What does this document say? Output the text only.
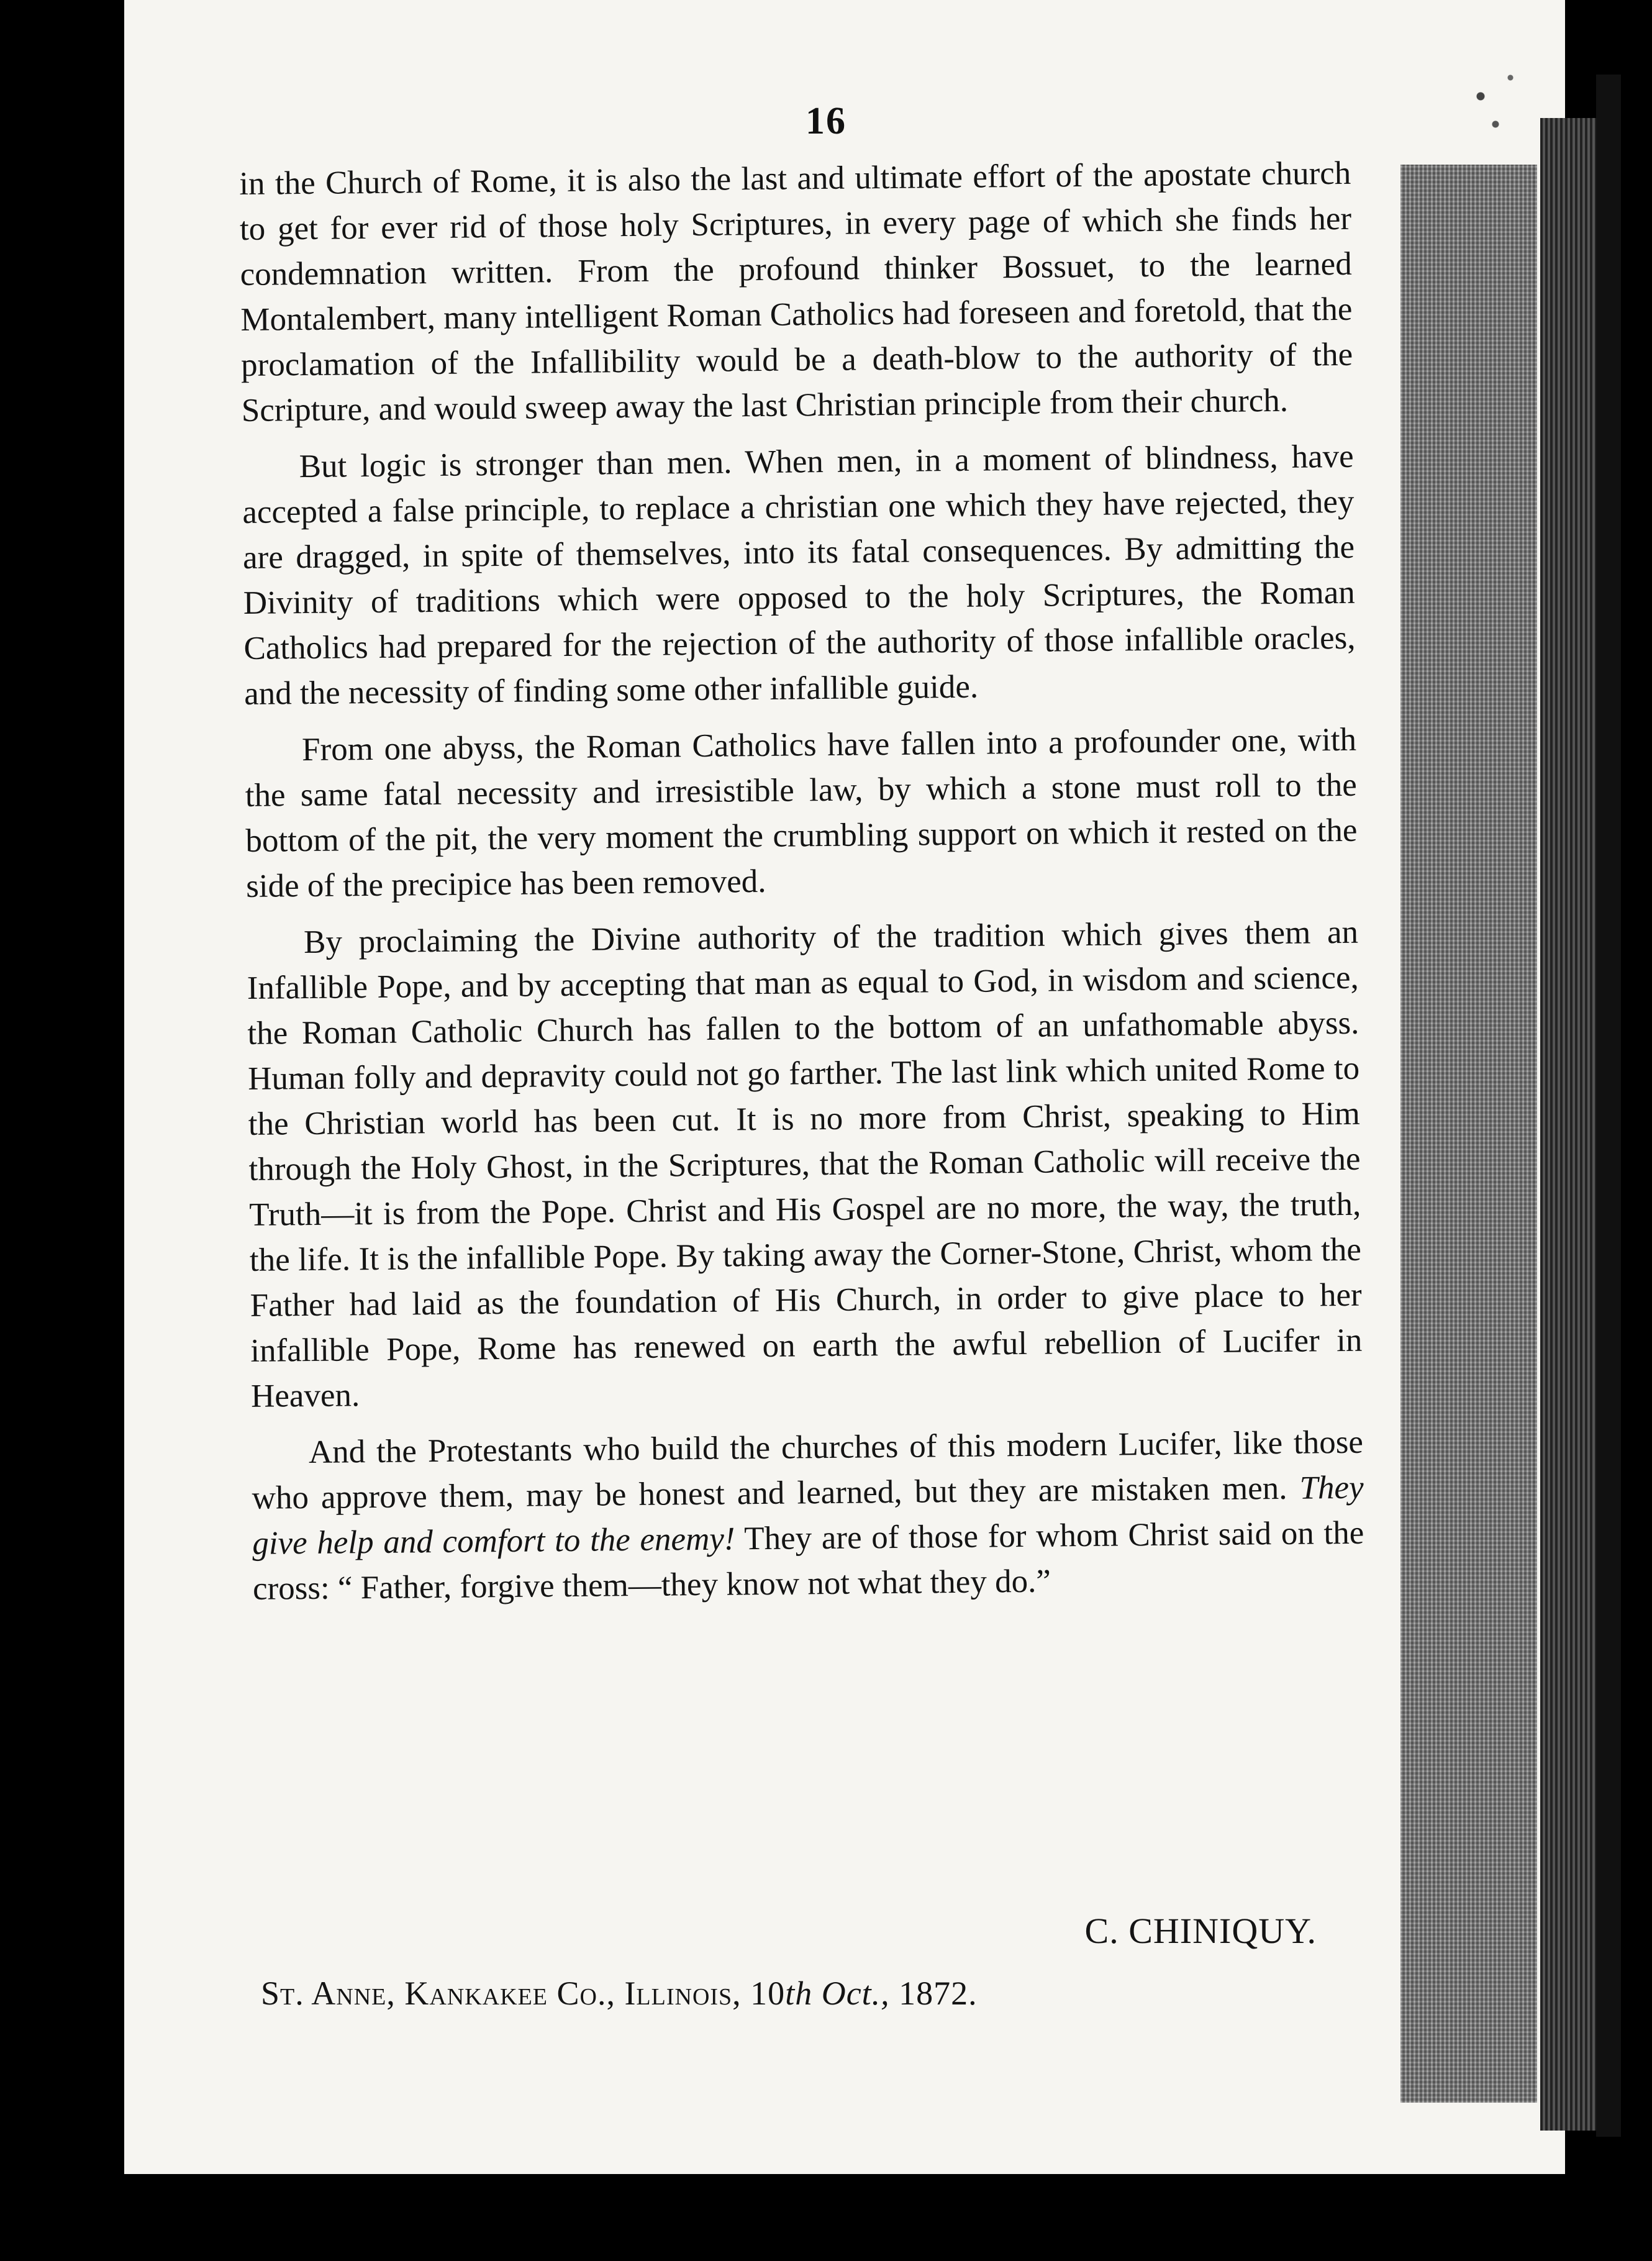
16

in the Church of Rome, it is also the last and ultimate effort of the apostate church to get for ever rid of those holy Scriptures, in every page of which she finds her condemnation written. From the profound thinker Bossuet, to the learned Montalembert, many intelligent Roman Catholics had foreseen and foretold, that the proclamation of the Infallibility would be a death-blow to the authority of the Scripture, and would sweep away the last Christian principle from their church.

But logic is stronger than men. When men, in a moment of blindness, have accepted a false principle, to replace a christian one which they have rejected, they are dragged, in spite of themselves, into its fatal consequences. By admitting the Divinity of traditions which were opposed to the holy Scriptures, the Roman Catholics had prepared for the rejection of the authority of those infallible oracles, and the necessity of finding some other infallible guide.

From one abyss, the Roman Catholics have fallen into a profounder one, with the same fatal necessity and irresistible law, by which a stone must roll to the bottom of the pit, the very moment the crumbling support on which it rested on the side of the precipice has been removed.

By proclaiming the Divine authority of the tradition which gives them an Infallible Pope, and by accepting that man as equal to God, in wisdom and science, the Roman Catholic Church has fallen to the bottom of an unfathomable abyss. Human folly and depravity could not go farther. The last link which united Rome to the Christian world has been cut. It is no more from Christ, speaking to Him through the Holy Ghost, in the Scriptures, that the Roman Catholic will receive the Truth—it is from the Pope. Christ and His Gospel are no more, the way, the truth, the life. It is the infallible Pope. By taking away the Corner-Stone, Christ, whom the Father had laid as the foundation of His Church, in order to give place to her infallible Pope, Rome has renewed on earth the awful rebellion of Lucifer in Heaven.

And the Protestants who build the churches of this modern Lucifer, like those who approve them, may be honest and learned, but they are mistaken men. They give help and comfort to the enemy! They are of those for whom Christ said on the cross: “ Father, forgive them—they know not what they do.”

C. CHINIQUY.
St. Anne, Kankakee Co., Illinois, 10th Oct., 1872.
